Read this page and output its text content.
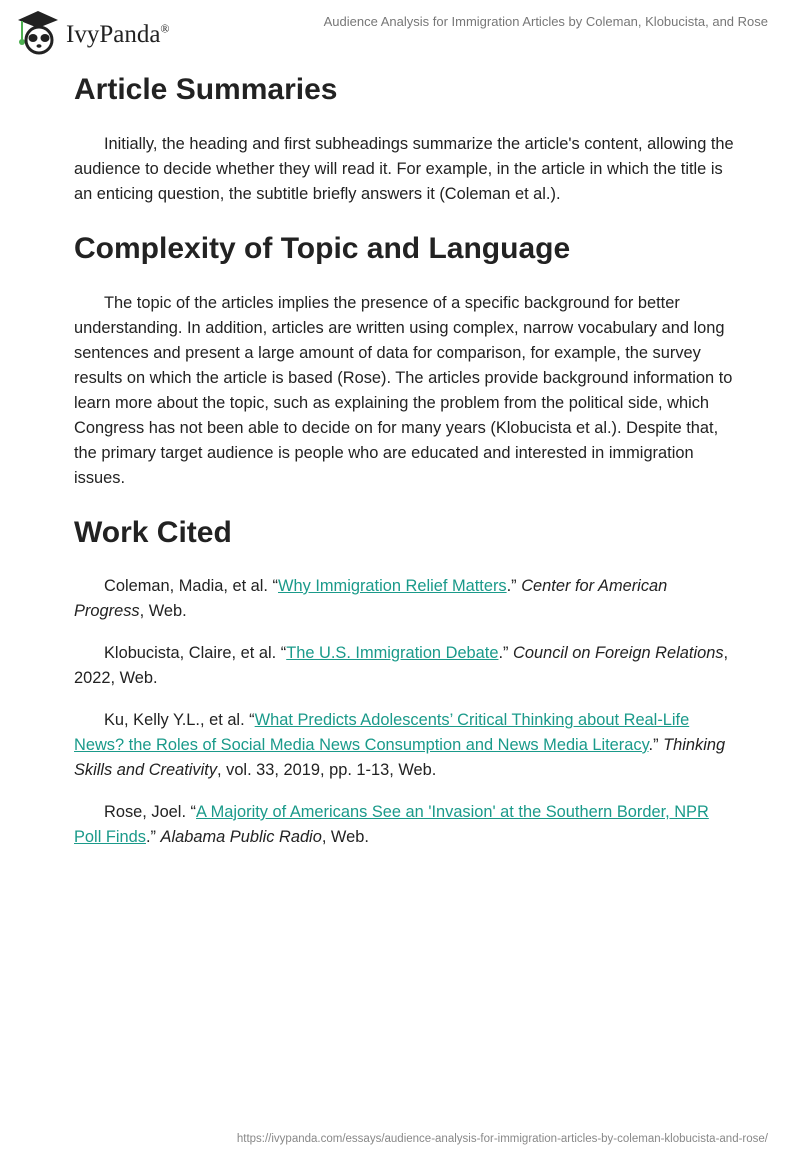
IvyPanda®	Audience Analysis for Immigration Articles by Coleman, Klobucista, and Rose
Article Summaries

Initially, the heading and first subheadings summarize the article's content, allowing the audience to decide whether they will read it. For example, in the article in which the title is an enticing question, the subtitle briefly answers it (Coleman et al.).

Complexity of Topic and Language

The topic of the articles implies the presence of a specific background for better understanding. In addition, articles are written using complex, narrow vocabulary and long sentences and present a large amount of data for comparison, for example, the survey results on which the article is based (Rose). The articles provide background information to learn more about the topic, such as explaining the problem from the political side, which Congress has not been able to decide on for many years (Klobucista et al.). Despite that, the primary target audience is people who are educated and interested in immigration issues.

Work Cited

Coleman, Madia, et al. “Why Immigration Relief Matters.” Center for American Progress, Web.

Klobucista, Claire, et al. “The U.S. Immigration Debate.” Council on Foreign Relations, 2022, Web.

Ku, Kelly Y.L., et al. “What Predicts Adolescents’ Critical Thinking about Real-Life News? the Roles of Social Media News Consumption and News Media Literacy.” Thinking Skills and Creativity, vol. 33, 2019, pp. 1-13, Web.

Rose, Joel. “A Majority of Americans See an 'Invasion' at the Southern Border, NPR Poll Finds.” Alabama Public Radio, Web.

https://ivypanda.com/essays/audience-analysis-for-immigration-articles-by-coleman-klobucista-and-rose/
